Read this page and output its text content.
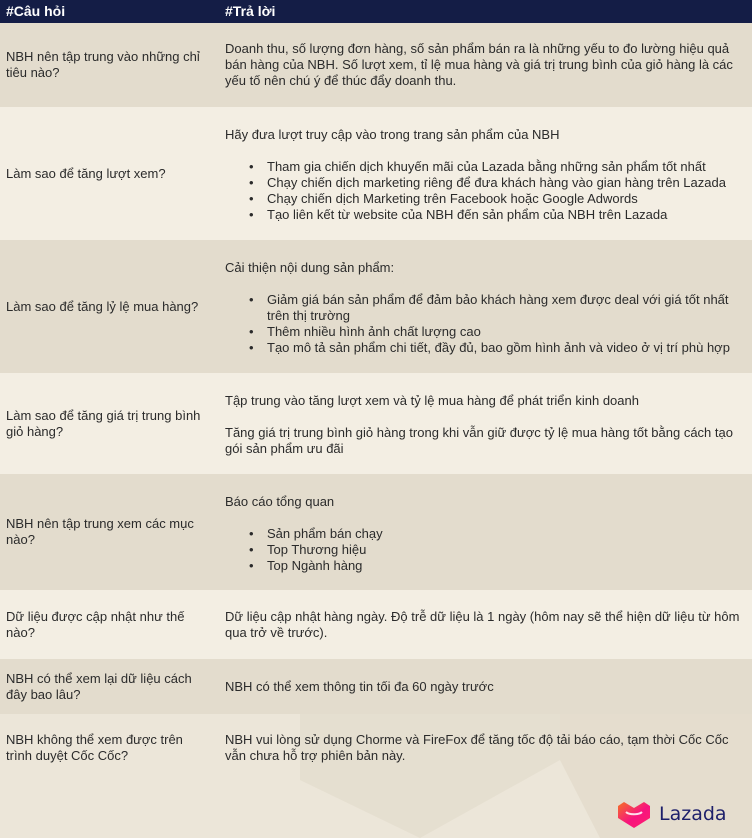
#Câu hỏi	#Trả lời
NBH nên tập trung vào những chỉ tiêu nào?

Doanh thu, số lượng đơn hàng, số sản phẩm bán ra là những yếu to đo lường hiệu quả bán hàng của NBH. Số lượt xem, tỉ lệ mua hàng và giá trị trung bình của giỏ hàng là các yếu tố nên chú ý để thúc đẩy doanh thu.

Làm sao để tăng lượt xem?

Hãy đưa lượt truy cập vào trong trang sản phẩm của NBH

• Tham gia chiến dịch khuyến mãi của Lazada bằng những sản phẩm tốt nhất
• Chạy chiến dịch marketing riêng để đưa khách hàng vào gian hàng trên Lazada
• Chạy chiến dịch Marketing trên Facebook hoặc Google Adwords
• Tạo liên kết từ website của NBH đến sản phẩm của NBH trên Lazada
Làm sao để tăng lỷ lệ mua hàng?

Cải thiện nội dung sản phẩm:

• Giảm giá bán sản phẩm để đảm bảo khách hàng xem được deal với giá tốt nhất trên thị trường
• Thêm nhiều hình ảnh chất lượng cao
• Tạo mô tả sản phẩm chi tiết, đầy đủ, bao gồm hình ảnh và video ở vị trí phù hợp
Làm sao để tăng giá trị trung bình giỏ hàng?

Tập trung vào tăng lượt xem và tỷ lệ mua hàng để phát triển kinh doanh

Tăng giá trị trung bình giỏ hàng trong khi vẫn giữ được tỷ lệ mua hàng tốt bằng cách tạo gói sản phẩm ưu đãi

NBH nên tập trung xem các mục nào?

Báo cáo tổng quan

• Sản phẩm bán chạy
• Top Thương hiệu
• Top Ngành hàng
Dữ liệu được cập nhật như thế nào?

Dữ liệu cập nhật hàng ngày. Độ trễ dữ liệu là 1 ngày (hôm nay sẽ thể hiện dữ liệu từ hôm qua trở về trước).

NBH có thể xem lại dữ liệu cách đây bao lâu?

NBH có thể xem thông tin tối đa 60 ngày trước

NBH không thể xem được trên trình duyệt Cốc Cốc?

NBH vui lòng sử dụng Chorme và FireFox để tăng tốc độ tải báo cáo, tạm thời Cốc Cốc vẫn chưa hỗ trợ phiên bản này.

Lazada
